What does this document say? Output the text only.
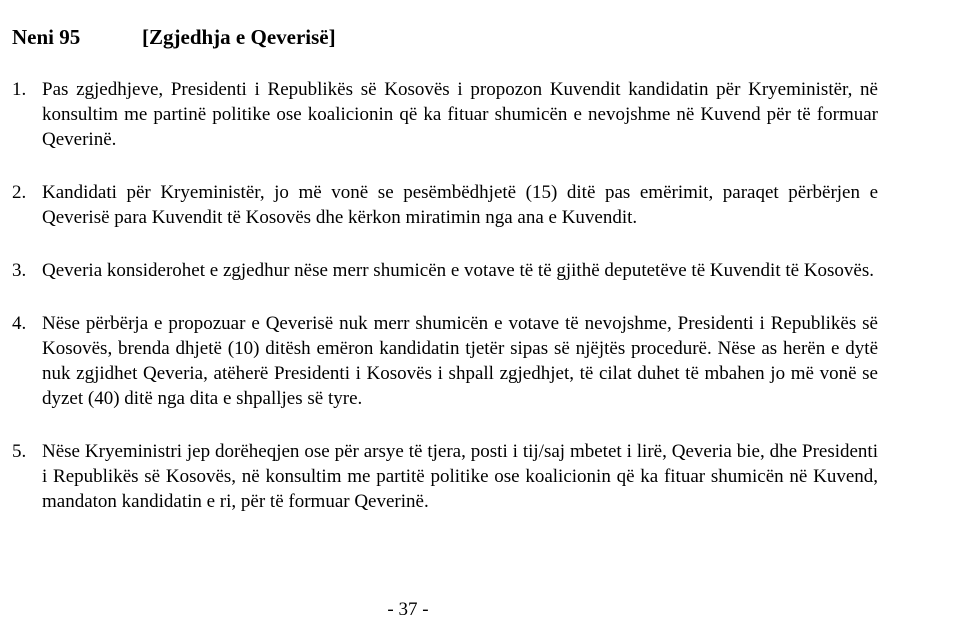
Neni 95	[Zgjedhja e Qeverisë]
1. Pas zgjedhjeve, Presidenti i Republikës së Kosovës i propozon Kuvendit kandidatin për Kryeministër, në konsultim me partinë politike ose koalicionin që ka fituar shumicën e nevojshme në Kuvend për të formuar Qeverinë.
2. Kandidati për Kryeministër, jo më vonë se pesëmbëdhjetë (15) ditë pas emërimit, paraqet përbërjen e Qeverisë para Kuvendit të Kosovës dhe kërkon miratimin nga ana e Kuvendit.
3. Qeveria konsiderohet e zgjedhur nëse merr shumicën e votave të të gjithë deputetëve të Kuvendit të Kosovës.
4. Nëse përbërja e propozuar e Qeverisë nuk merr shumicën e votave të nevojshme, Presidenti i Republikës së Kosovës, brenda dhjetë (10) ditësh emëron kandidatin tjetër sipas së njëjtës procedurë. Nëse as herën e dytë nuk zgjidhet Qeveria, atëherë Presidenti i Kosovës i shpall zgjedhjet, të cilat duhet të mbahen jo më vonë se dyzet (40) ditë nga dita e shpalljes së tyre.
5. Nëse Kryeministri jep dorëheqjen ose për arsye të tjera, posti i tij/saj mbetet i lirë, Qeveria bie, dhe Presidenti i Republikës së Kosovës, në konsultim me partitë politike ose koalicionin që ka fituar shumicën në Kuvend, mandaton kandidatin e ri, për të formuar Qeverinë.
- 37 -
